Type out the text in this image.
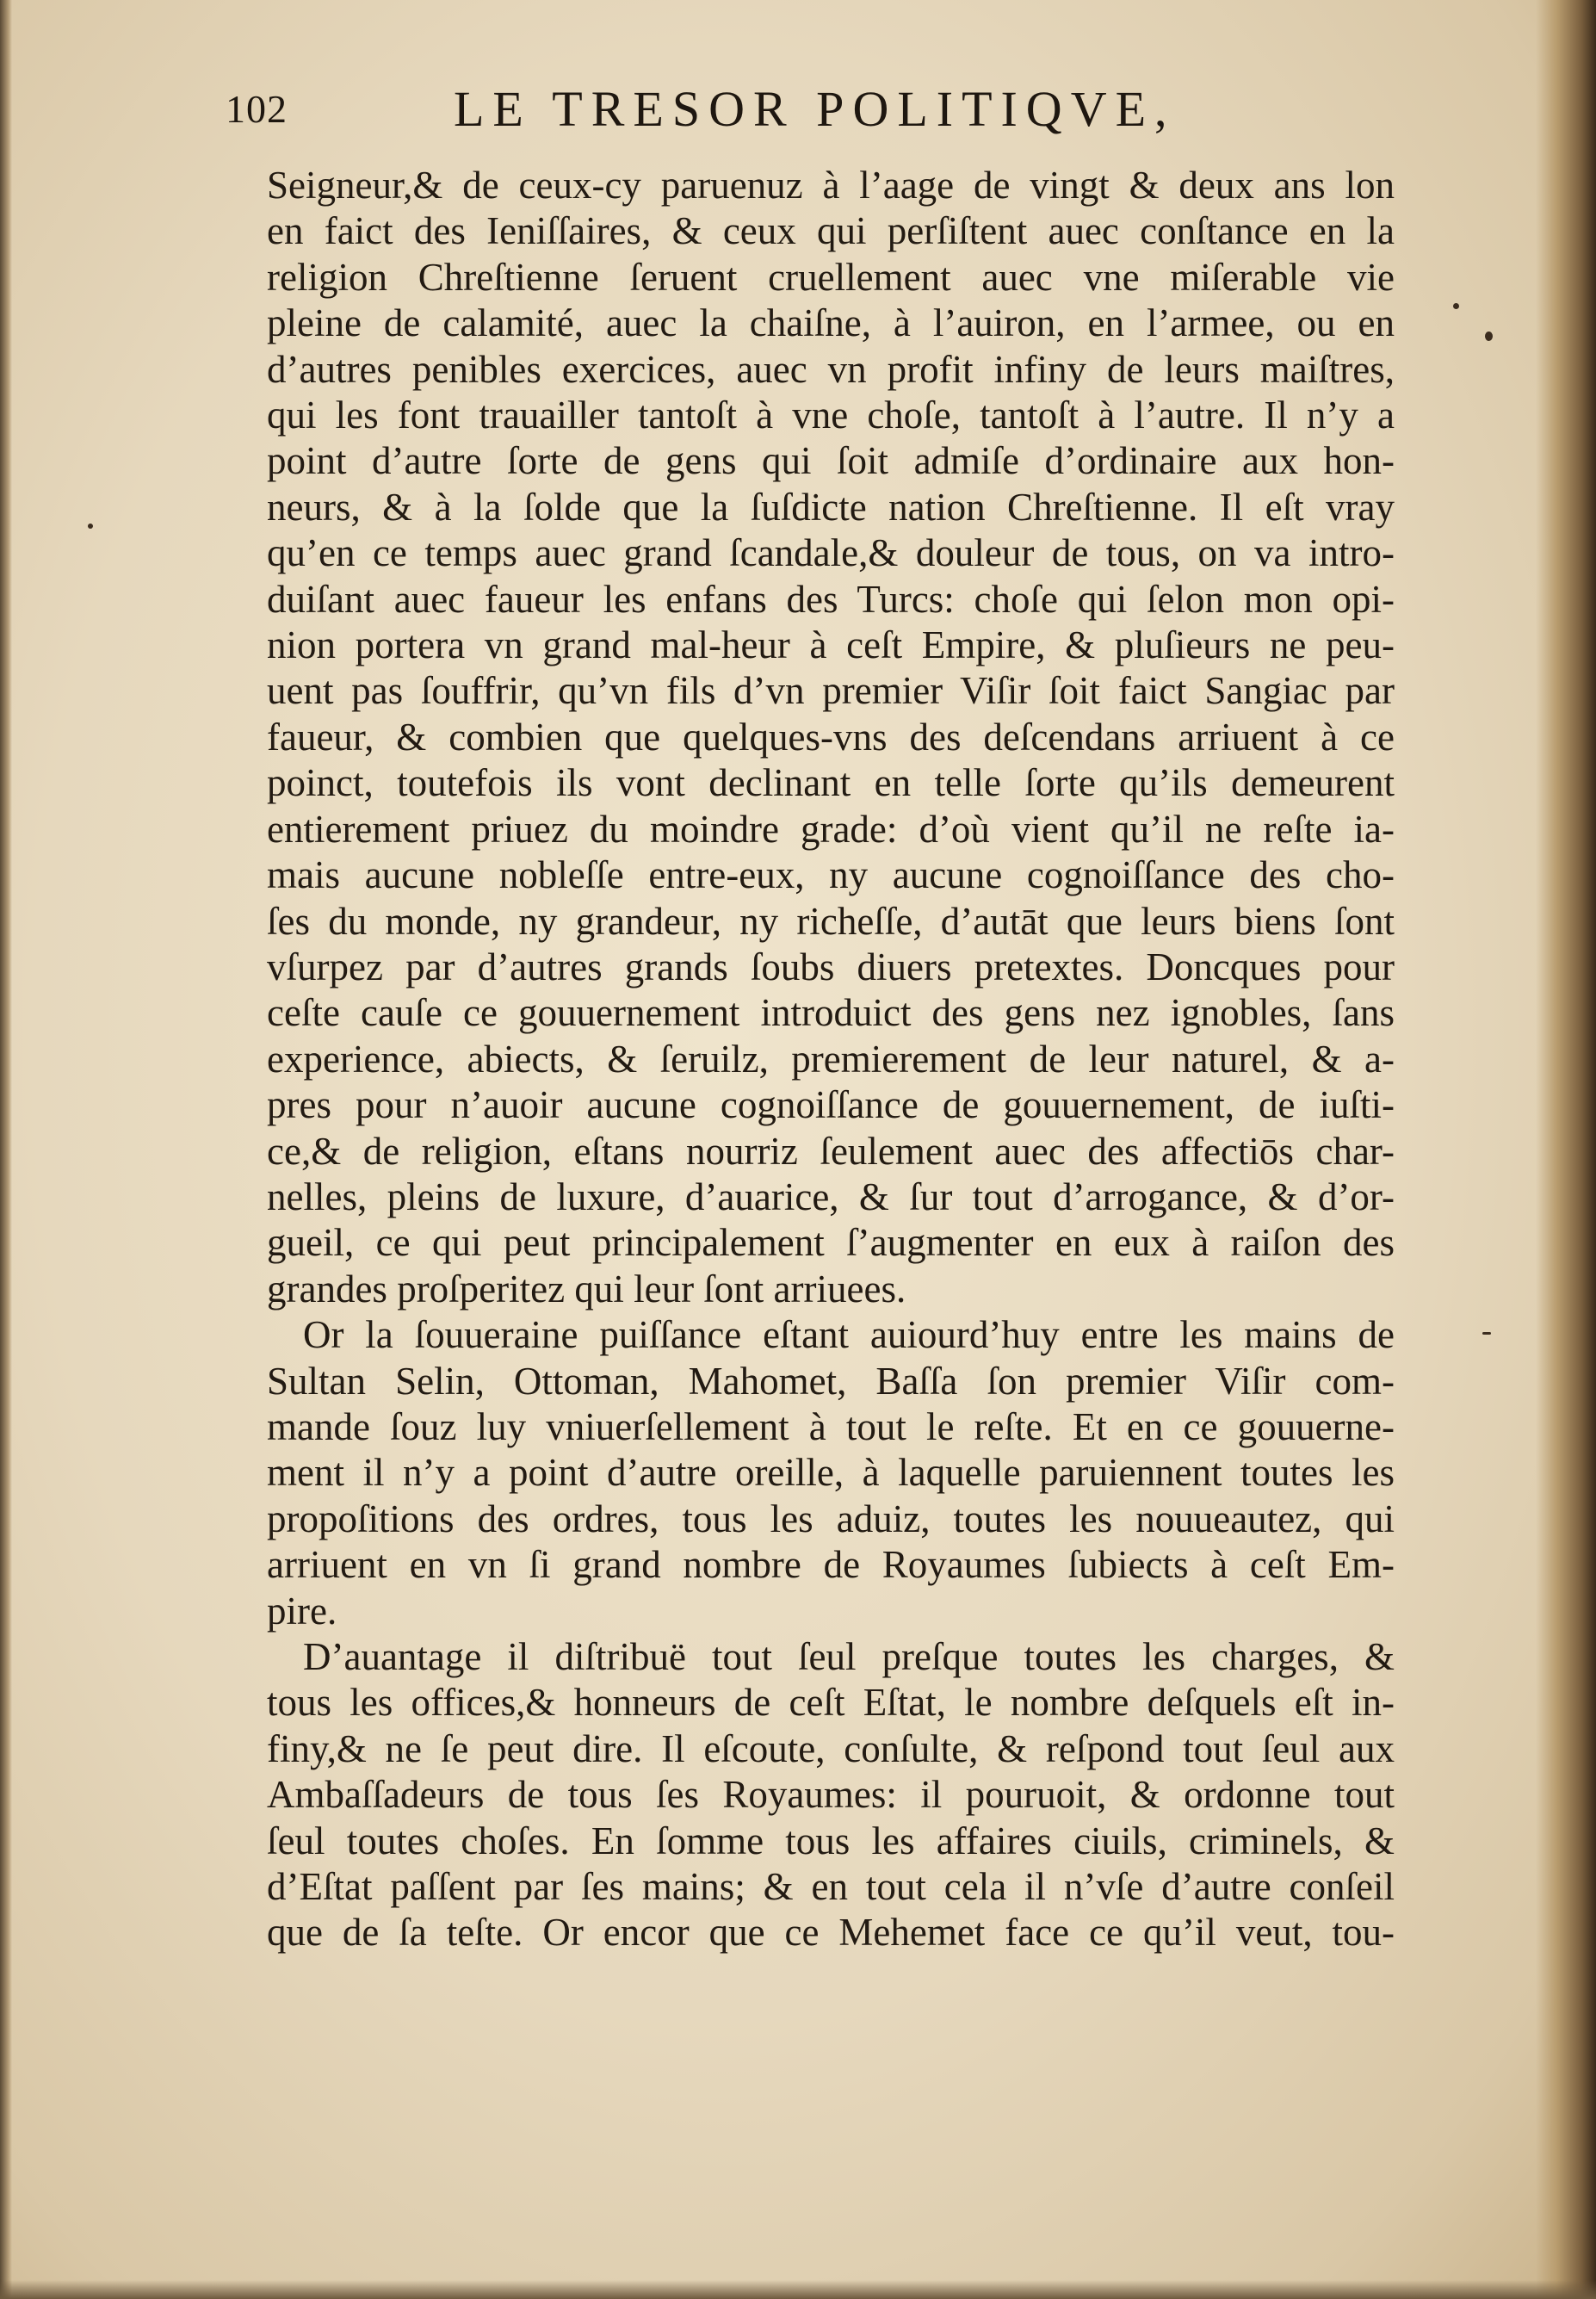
102	LE TRESOR POLITIQVE,
Seigneur,& de ceux-cy paruenuz à l’aage de vingt & deux ans lon
en faict des Ieniſſaires, & ceux qui perſiſtent auec conſtance en la
religion Chreſtienne ſeruent cruellement auec vne miſerable vie
pleine de calamité, auec la chaiſne, à l’auiron, en l’armee, ou en
d’autres penibles exercices, auec vn profit infiny de leurs maiſtres,
qui les font trauailler tantoſt à vne choſe, tantoſt à l’autre. Il n’y a
point d’autre ſorte de gens qui ſoit admiſe d’ordinaire aux hon-
neurs, & à la ſolde que la ſuſdicte nation Chreſtienne. Il eſt vray
qu’en ce temps auec grand ſcandale,& douleur de tous, on va intro-
duiſant auec faueur les enfans des Turcs: choſe qui ſelon mon opi-
nion portera vn grand mal-heur à ceſt Empire, & pluſieurs ne peu-
uent pas ſouffrir, qu’vn fils d’vn premier Viſir ſoit faict Sangiac par
faueur, & combien que quelques-vns des deſcendans arriuent à ce
poinct, toutefois ils vont declinant en telle ſorte qu’ils demeurent
entierement priuez du moindre grade: d’où vient qu’il ne reſte ia-
mais aucune nobleſſe entre-eux, ny aucune cognoiſſance des cho-
ſes du monde, ny grandeur, ny richeſſe, d’autāt que leurs biens ſont
vſurpez par d’autres grands ſoubs diuers pretextes. Doncques pour
ceſte cauſe ce gouuernement introduict des gens nez ignobles, ſans
experience, abiects, & ſeruilz, premierement de leur naturel, & a-
pres pour n’auoir aucune cognoiſſance de gouuernement, de iuſti-
ce,& de religion, eſtans nourriz ſeulement auec des affectiōs char-
nelles, pleins de luxure, d’auarice, & ſur tout d’arrogance, & d’or-
gueil, ce qui peut principalement ſ’augmenter en eux à raiſon des
grandes proſperitez qui leur ſont arriuees.
Or la ſouueraine puiſſance eſtant auiourd’huy entre les mains de
Sultan Selin, Ottoman, Mahomet, Baſſa ſon premier Viſir com-
mande ſouz luy vniuerſellement à tout le reſte. Et en ce gouuerne-
ment il n’y a point d’autre oreille, à laquelle paruiennent toutes les
propoſitions des ordres, tous les aduiz, toutes les nouueautez, qui
arriuent en vn ſi grand nombre de Royaumes ſubiects à ceſt Em-
pire.
D’auantage il diſtribuë tout ſeul preſque toutes les charges, &
tous les offices,& honneurs de ceſt Eſtat, le nombre deſquels eſt in-
finy,& ne ſe peut dire. Il eſcoute, conſulte, & reſpond tout ſeul aux
Ambaſſadeurs de tous ſes Royaumes: il pouruoit, & ordonne tout
ſeul toutes choſes. En ſomme tous les affaires ciuils, criminels, &
d’Eſtat paſſent par ſes mains; & en tout cela il n’vſe d’autre conſeil
que de ſa teſte. Or encor que ce Mehemet face ce qu’il veut, tou-
